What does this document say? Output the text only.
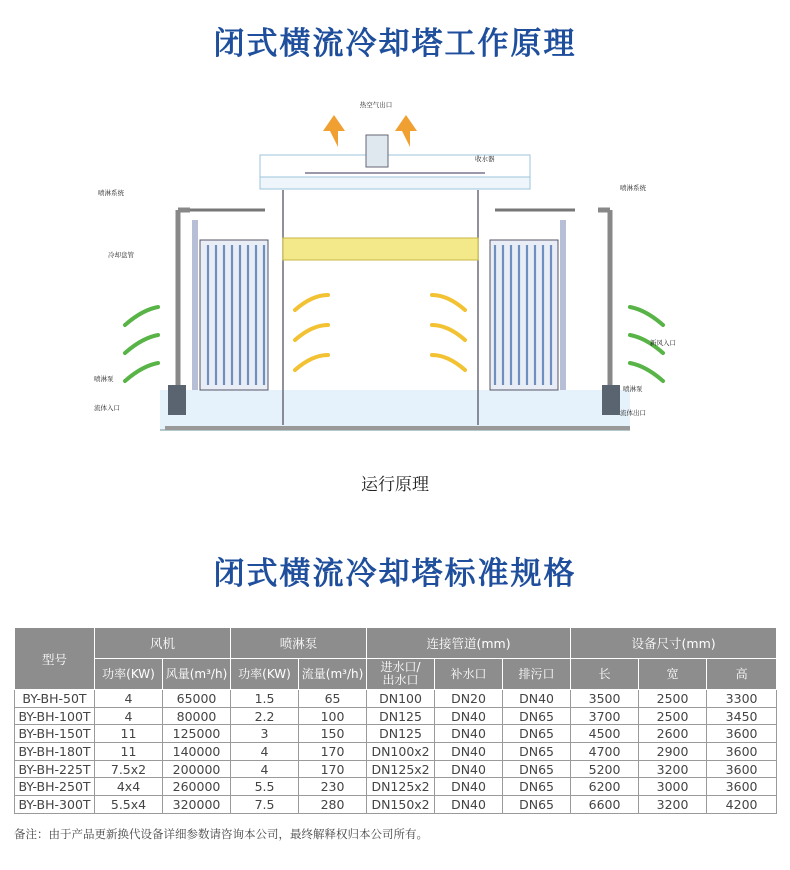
闭式横流冷却塔工作原理
热空气出口
收水器
喷淋系统
喷淋系统
冷却盘管
喷淋泵
喷淋泵
流体入口
流体出口
新风入口
运行原理
闭式横流冷却塔标准规格
型号	风机		喷淋泵		连接管道(mm)			设备尺寸(mm)		
	功率(KW)	风量(m³/h)	功率(KW)	流量(m³/h)	进水口/
出水口	补水口	排污口	长	宽	高
BY-BH-50T	4	65000	1.5	65	DN100	DN20	DN40	3500	2500	3300
BY-BH-100T	4	80000	2.2	100	DN125	DN40	DN65	3700	2500	3450
BY-BH-150T	11	125000	3	150	DN125	DN40	DN65	4500	2600	3600
BY-BH-180T	11	140000	4	170	DN100x2	DN40	DN65	4700	2900	3600
BY-BH-225T	7.5x2	200000	4	170	DN125x2	DN40	DN65	5200	3200	3600
BY-BH-250T	4x4	260000	5.5	230	DN125x2	DN40	DN65	6200	3000	3600
BY-BH-300T	5.5x4	320000	7.5	280	DN150x2	DN40	DN65	6600	3200	4200
备注：由于产品更新换代设备详细参数请咨询本公司，最终解释权归本公司所有。
